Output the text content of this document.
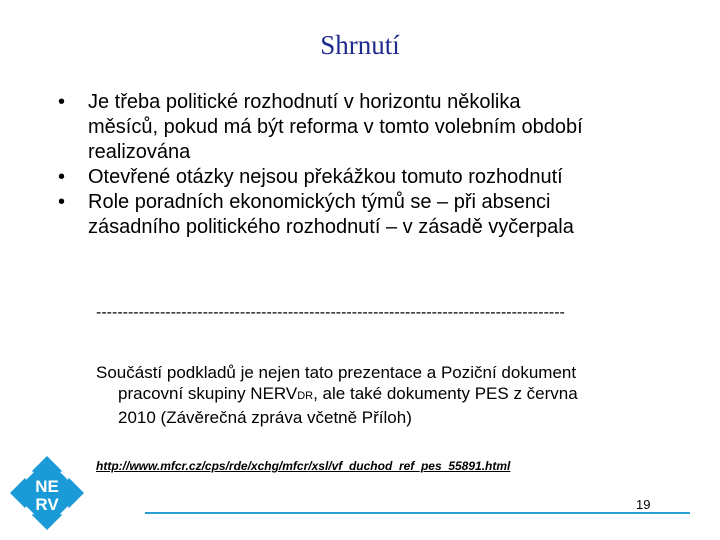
Shrnutí
•	Je třeba politické rozhodnutí v horizontu několika
měsíců, pokud má být reforma v tomto volebním období
realizována
•	Otevřené otázky nejsou překážkou tomuto rozhodnutí
•	Role poradních ekonomických týmů se – při absenci
zásadního politického rozhodnutí – v zásadě vyčerpala
----------------------------------------------------------------------------------------
Součástí podkladů je nejen tato prezentace a Poziční dokument
pracovní skupiny NERVDR, ale také dokumenty PES z června
2010 (Závěrečná zpráva včetně Příloh)
http://www.mfcr.cz/cps/rde/xchg/mfcr/xsl/vf_duchod_ref_pes_55891.html
19
NE
RV
